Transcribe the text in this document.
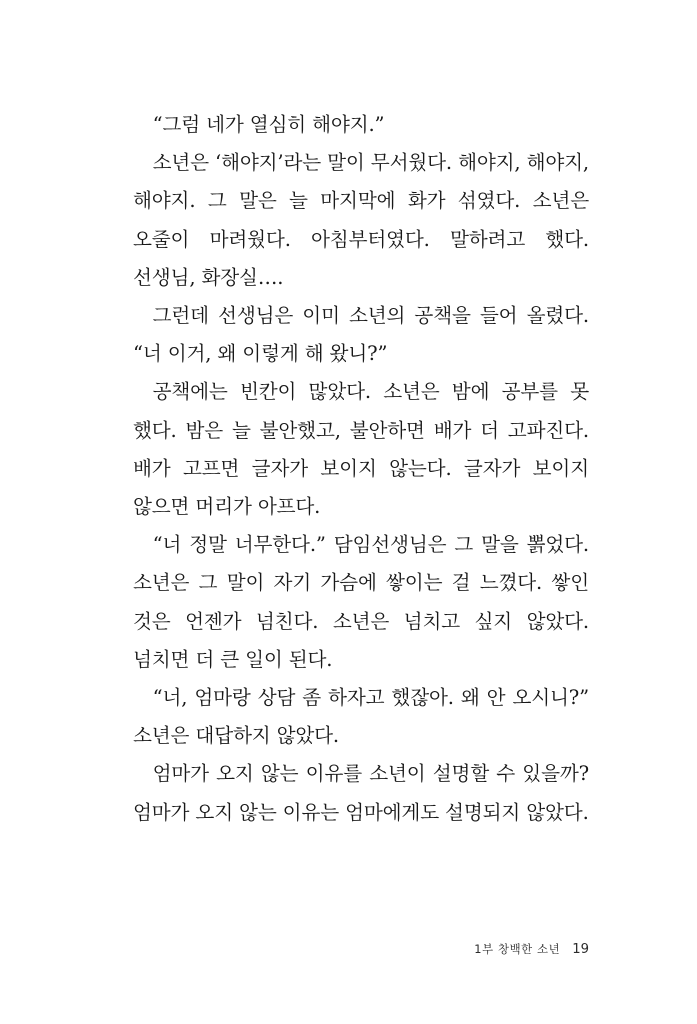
“그럼 네가 열심히 해야지.”

소년은 ‘해야지’라는 말이 무서웠다. 해야지, 해야지, 해야지. 그 말은 늘 마지막에 화가 섞였다. 소년은 오줄이 마려웠다. 아침부터였다. 말하려고 했다. 선생님, 화장실….

그런데 선생님은 이미 소년의 공책을 들어 올렸다. “너 이거, 왜 이렇게 해 왔니?”

공책에는 빈칸이 많았다. 소년은 밤에 공부를 못 했다. 밤은 늘 불안했고, 불안하면 배가 더 고파진다. 배가 고프면 글자가 보이지 않는다. 글자가 보이지 않으면 머리가 아프다.

“너 정말 너무한다.” 담임선생님은 그 말을 뽉었다. 소년은 그 말이 자기 가슴에 쌓이는 걸 느꼈다. 쌓인 것은 언젠가 넘친다. 소년은 넘치고 싶지 않았다. 넘치면 더 큰 일이 된다.

“너, 엄마랑 상담 좀 하자고 했잖아. 왜 안 오시니?” 소년은 대답하지 않았다.

엄마가 오지 않는 이유를 소년이 설명할 수 있을까? 엄마가 오지 않는 이유는 엄마에게도 설명되지 않았다.

1부 창백한 소년 19
